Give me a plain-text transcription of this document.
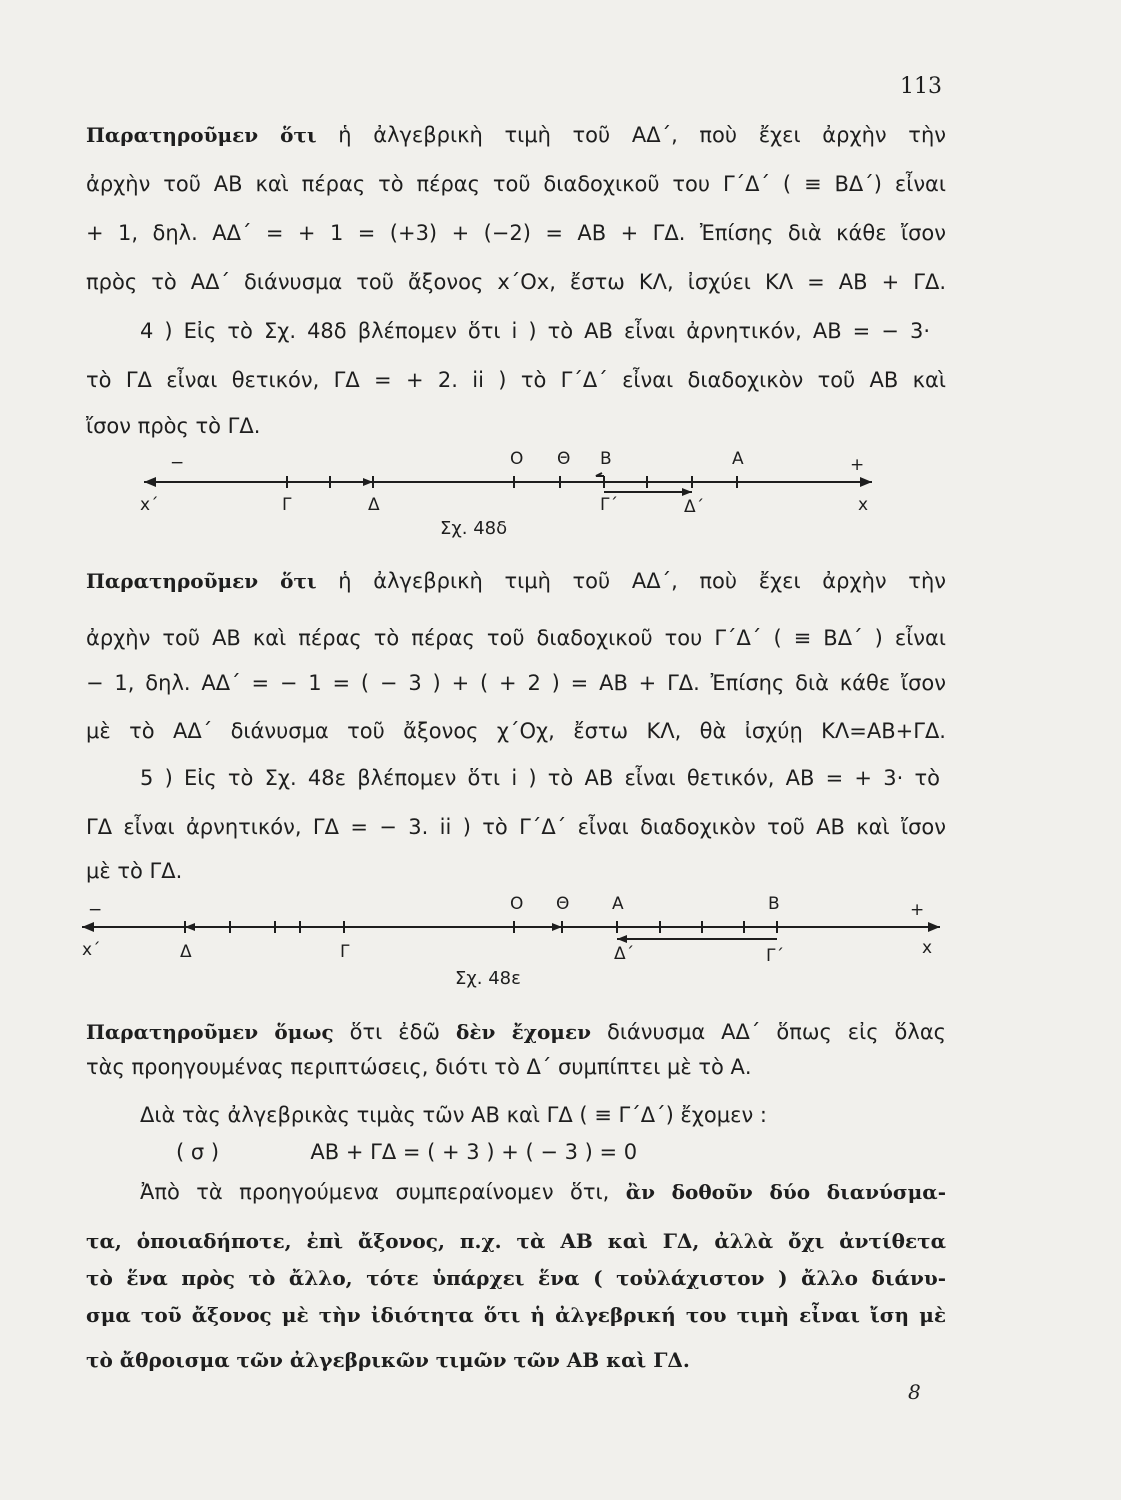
113
Παρατηροῦμεν ὅτι ἡ ἀλγεβρικὴ τιμὴ τοῦ ΑΔ΄, ποὺ ἔχει ἀρχὴν τὴν
ἀρχὴν τοῦ ΑΒ καὶ πέρας τὸ πέρας τοῦ διαδοχικοῦ του Γ΄Δ΄ ( ≡ ΒΔ΄) εἶναι
+ 1, δηλ. ΑΔ΄ = + 1 = (+3) + (−2) = ΑΒ + ΓΔ. Ἐπίσης διὰ κάθε ἴσον
πρὸς τὸ ΑΔ΄ διάνυσμα τοῦ ἄξονος x΄Ox, ἔστω ΚΛ, ἰσχύει ΚΛ = ΑΒ + ΓΔ.
4 ) Εἰς τὸ Σχ. 48δ βλέπομεν ὅτι i ) τὸ ΑΒ εἶναι ἀρνητικόν, ΑΒ = − 3·
τὸ ΓΔ εἶναι θετικόν, ΓΔ = + 2. ii ) τὸ Γ΄Δ΄ εἶναι διαδοχικὸν τοῦ ΑΒ καὶ
ἴσον πρὸς τὸ ΓΔ.
−	Ο Θ Β	Α	+
x΄	Γ	Δ	Γ΄	Δ΄	x
Σχ. 48δ
Παρατηροῦμεν ὅτι ἡ ἀλγεβρικὴ τιμὴ τοῦ ΑΔ΄, ποὺ ἔχει ἀρχὴν τὴν
ἀρχὴν τοῦ ΑΒ καὶ πέρας τὸ πέρας τοῦ διαδοχικοῦ του Γ΄Δ΄ ( ≡ ΒΔ΄ ) εἶναι
− 1, δηλ. ΑΔ΄ = − 1 = ( − 3 ) + ( + 2 ) = ΑΒ + ΓΔ. Ἐπίσης διὰ κάθε ἴσον
μὲ τὸ ΑΔ΄ διάνυσμα τοῦ ἄξονος χ΄Οχ, ἔστω ΚΛ, θὰ ἰσχύῃ ΚΛ=ΑΒ+ΓΔ.
5 ) Εἰς τὸ Σχ. 48ε βλέπομεν ὅτι i ) τὸ ΑΒ εἶναι θετικόν, ΑΒ = + 3· τὸ
ΓΔ εἶναι ἀρνητικόν, ΓΔ = − 3. ii ) τὸ Γ΄Δ΄ εἶναι διαδοχικὸν τοῦ ΑΒ καὶ ἴσον
μὲ τὸ ΓΔ.
−	Ο Θ	Α	Β	+
x΄	Δ	Γ	Δ΄	Γ΄	x
Σχ. 48ε
Παρατηροῦμεν ὅμως ὅτι ἐδῶ δὲν ἔχομεν διάνυσμα ΑΔ΄ ὅπως εἰς ὅλας
τὰς προηγουμένας περιπτώσεις, διότι τὸ Δ΄ συμπίπτει μὲ τὸ Α.
Διὰ τὰς ἀλγεβρικὰς τιμὰς τῶν ΑΒ καὶ ΓΔ ( ≡ Γ΄Δ΄) ἔχομεν :
( σ )	ΑΒ + ΓΔ = ( + 3 ) + ( − 3 ) = 0
Ἀπὸ τὰ προηγούμενα συμπεραίνομεν ὅτι, ἂν δοθοῦν δύο διανύσμα-
τα, ὁποιαδήποτε, ἐπὶ ἄξονος, π.χ. τὰ ΑΒ καὶ ΓΔ, ἀλλὰ ὄχι ἀντίθετα
τὸ ἕνα πρὸς τὸ ἄλλο, τότε ὑπάρχει ἕνα ( τοὐλάχιστον ) ἄλλο διάνυ-
σμα τοῦ ἄξονος μὲ τὴν ἰδιότητα ὅτι ἡ ἀλγεβρική του τιμὴ εἶναι ἴση μὲ
τὸ ἄθροισμα τῶν ἀλγεβρικῶν τιμῶν τῶν ΑΒ καὶ ΓΔ.
8
